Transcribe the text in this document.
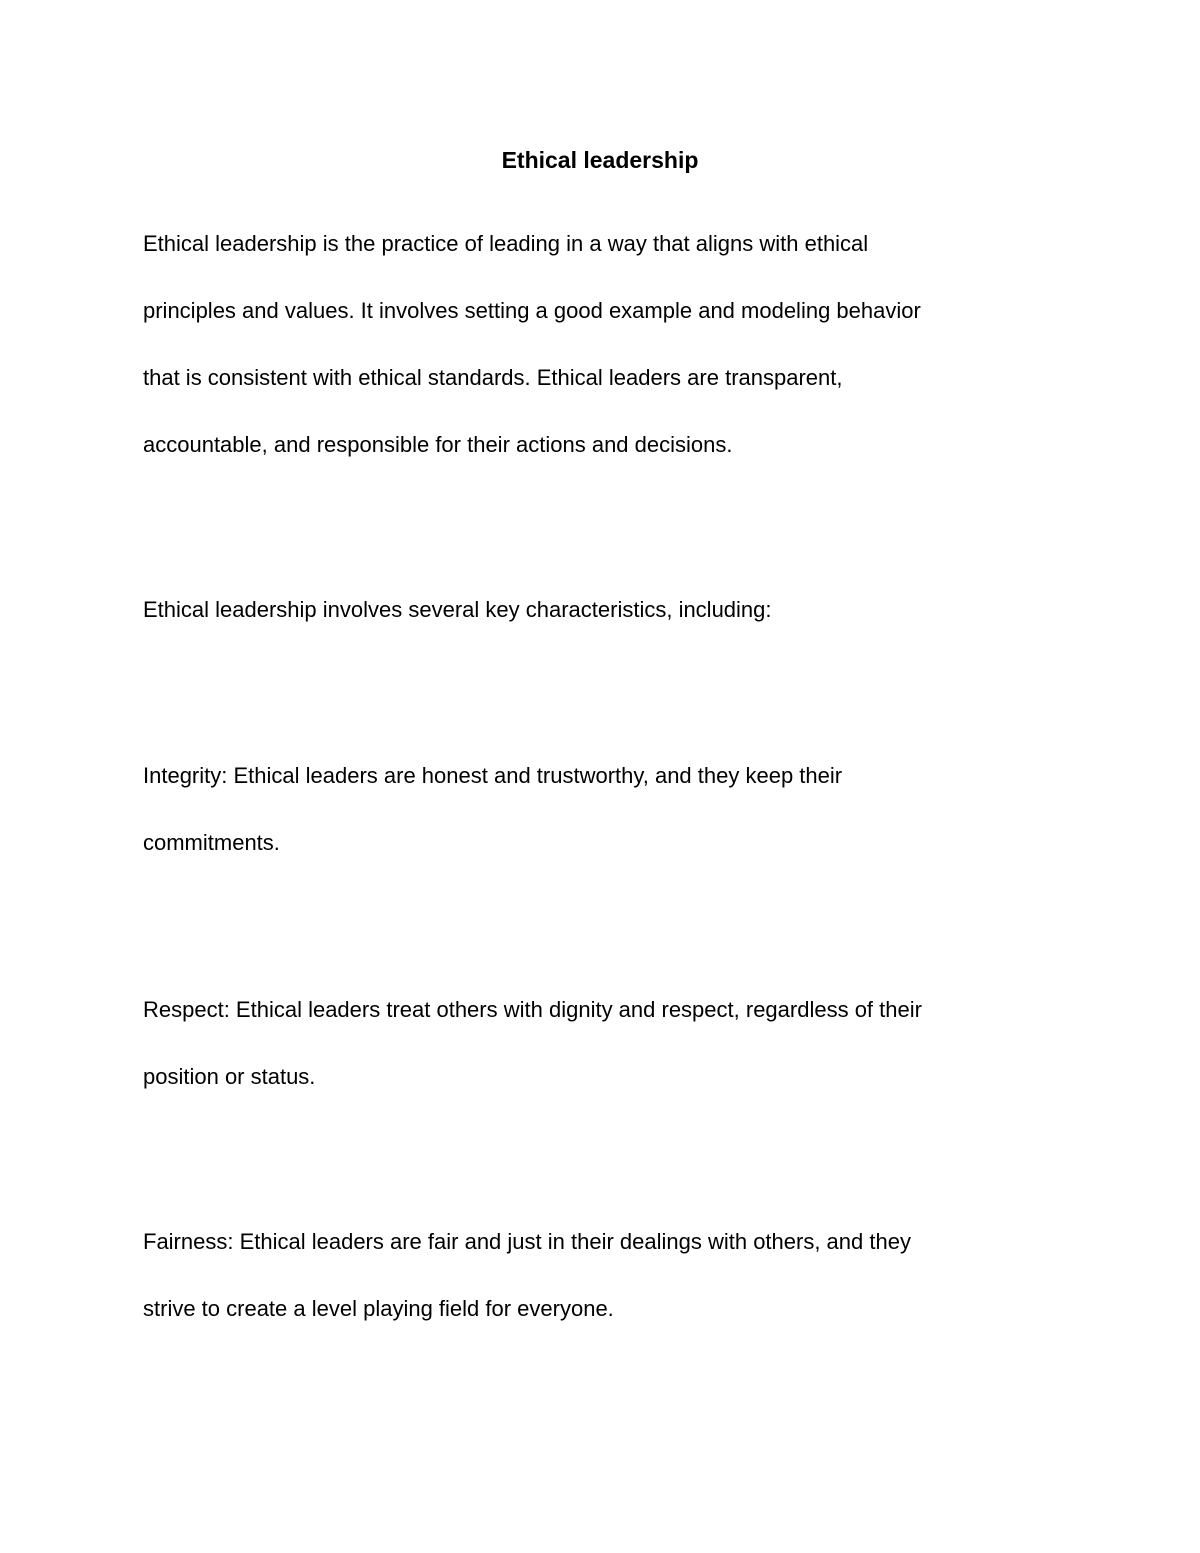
Ethical leadership

Ethical leadership is the practice of leading in a way that aligns with ethical
principles and values. It involves setting a good example and modeling behavior
that is consistent with ethical standards. Ethical leaders are transparent,
accountable, and responsible for their actions and decisions.

Ethical leadership involves several key characteristics, including:

Integrity: Ethical leaders are honest and trustworthy, and they keep their
commitments.

Respect: Ethical leaders treat others with dignity and respect, regardless of their
position or status.

Fairness: Ethical leaders are fair and just in their dealings with others, and they
strive to create a level playing field for everyone.
